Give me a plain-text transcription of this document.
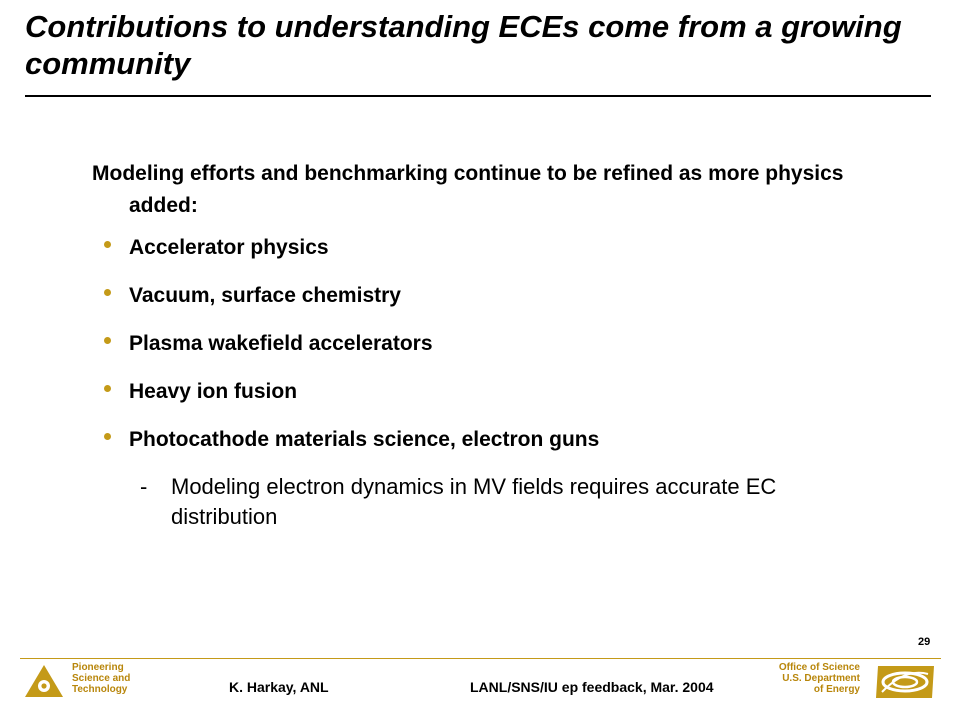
Contributions to understanding ECEs come from a growing community

Modeling efforts and benchmarking continue to be refined as more physics added:

Accelerator physics
Vacuum, surface chemistry
Plasma wakefield accelerators
Heavy ion fusion
Photocathode materials science, electron guns
- Modeling electron dynamics in MV fields requires accurate EC distribution
29
Pioneering
Science and
Technology	K. Harkay, ANL	LANL/SNS/IU ep feedback, Mar. 2004
Office of Science
U.S. Department
of Energy
